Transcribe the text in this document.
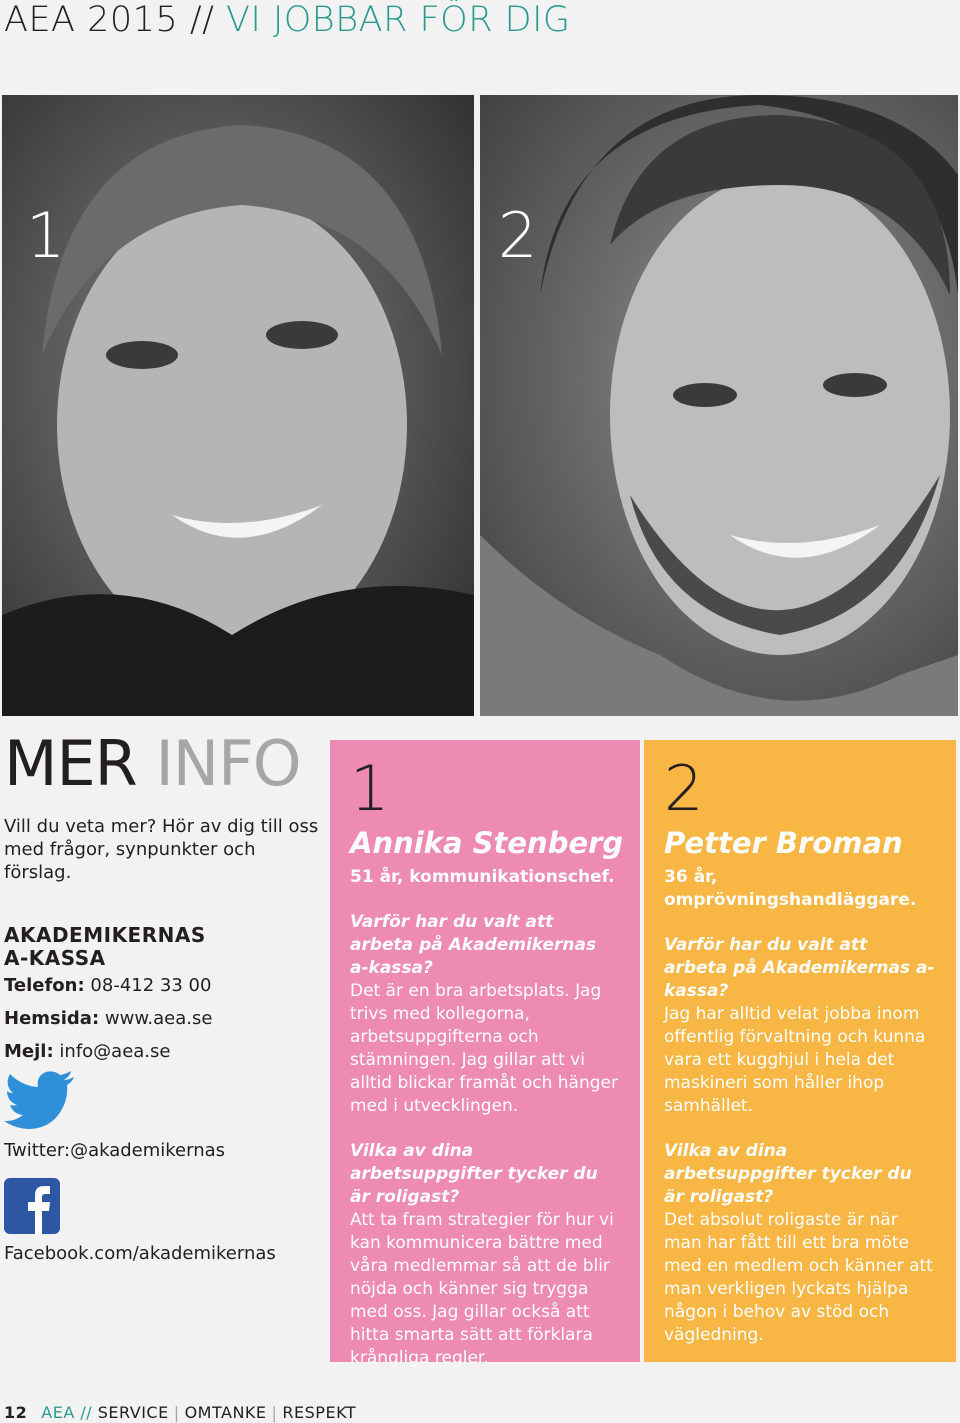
AEA 2015 // VI JOBBAR FÖR DIG
1	2
MER INFO

Vill du veta mer? Hör av dig till oss med frågor, synpunkter och förslag.

AKADEMIKERNAS
A-KASSA
Telefon: 08-412 33 00
Hemsida: www.aea.se
Mejl: info@aea.se
Twitter:@akademikernas
Facebook.com/akademikernas
1
Annika Stenberg
51 år, kommunikationschef.
Varför har du valt att arbeta på Akademikernas a-kassa?
Det är en bra arbetsplats. Jag trivs med kollegorna, arbetsuppgifterna och stämningen. Jag gillar att vi alltid blickar framåt och hänger med i utvecklingen.
Vilka av dina arbetsuppgifter tycker du är roligast?
Att ta fram strategier för hur vi kan kommunicera bättre med våra medlemmar så att de blir nöjda och känner sig trygga med oss. Jag gillar också att hitta smarta sätt att förklara krångliga regler.
2
Petter Broman
36 år, omprövningshandläggare.
Varför har du valt att arbeta på Akademikernas a-kassa?
Jag har alltid velat jobba inom offentlig förvaltning och kunna vara ett kugghjul i hela det maskineri som håller ihop samhället.
Vilka av dina arbetsuppgifter tycker du är roligast?
Det absolut roligaste är när man har fått till ett bra möte med en medlem och känner att man verkligen lyckats hjälpa någon i behov av stöd och vägledning.
12 AEA // SERVICE | OMTANKE | RESPEKT
